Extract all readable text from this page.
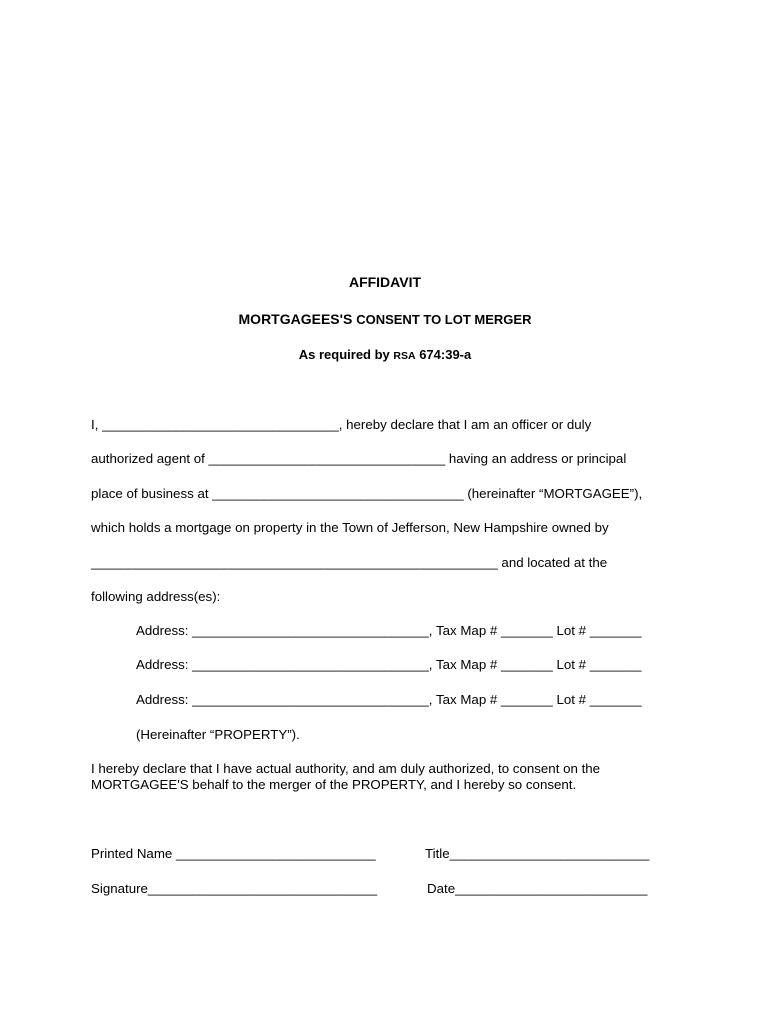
AFFIDAVIT
MORTGAGEES'S CONSENT TO LOT MERGER
As required by RSA 674:39-a
I, ________________________________, hereby declare that I am an officer or duly
authorized agent of ________________________________ having an address or principal
place of business at __________________________________ (hereinafter “MORTGAGEE”),
which holds a mortgage on property in the Town of Jefferson, New Hampshire owned by
_______________________________________________________ and located at the
following address(es):
Address: ________________________________, Tax Map # _______ Lot # _______
Address: ________________________________, Tax Map # _______ Lot # _______
Address: ________________________________, Tax Map # _______ Lot # _______
(Hereinafter “PROPERTY”).
I hereby declare that I have actual authority, and am duly authorized, to consent on the MORTGAGEE'S behalf to the merger of the PROPERTY, and I hereby so consent.
Printed Name ___________________________	Title___________________________
Signature_______________________________	Date__________________________
